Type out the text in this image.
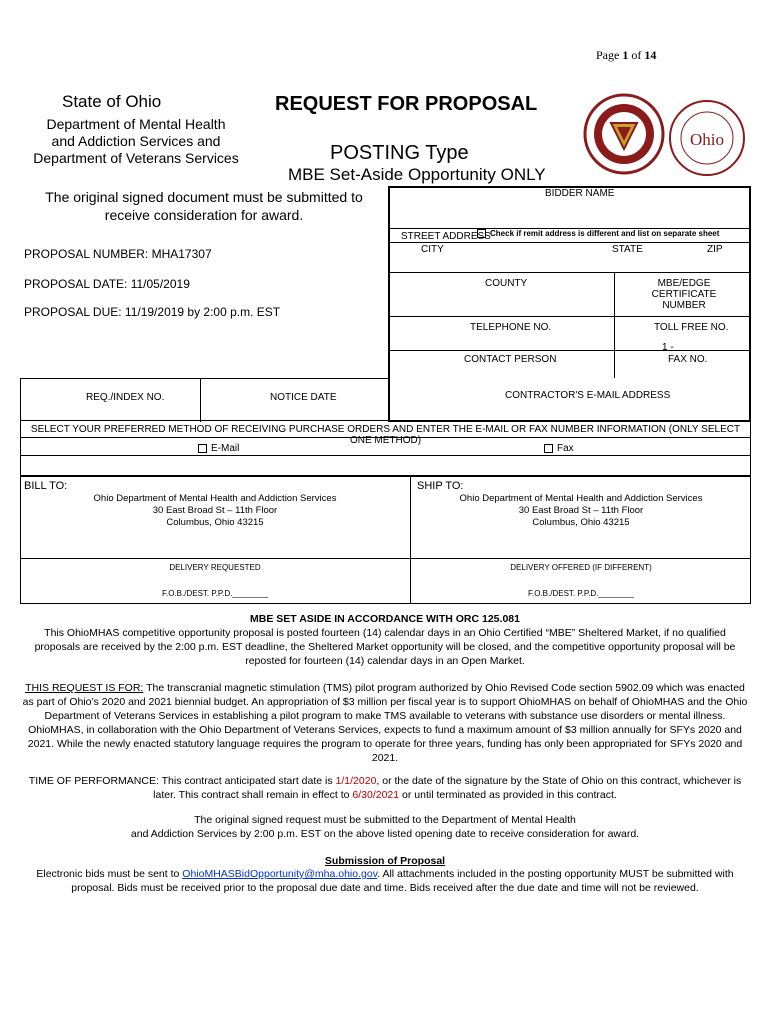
Page 1 of 14
State of Ohio
Department of Mental Health
and Addiction Services and
Department of Veterans Services
REQUEST FOR PROPOSAL
POSTING Type
MBE Set-Aside Opportunity ONLY
Ohio
The original signed document must be submitted to
receive consideration for award.
PROPOSAL NUMBER: MHA17307
PROPOSAL DATE: 11/05/2019
PROPOSAL DUE: 11/19/2019 by 2:00 p.m. EST
BIDDER NAME
STREET ADDRESS Check if remit address is different and list on separate sheet
CITY	STATE	ZIP
COUNTY	MBE/EDGE CERTIFICATE
NUMBER
TELEPHONE NO.	TOLL FREE NO.
1 -
CONTACT PERSON	FAX NO.
CONTRACTOR'S E-MAIL ADDRESS
REQ./INDEX NO.	NOTICE DATE
SELECT YOUR PREFERRED METHOD OF RECEIVING PURCHASE ORDERS AND ENTER THE E-MAIL OR FAX NUMBER INFORMATION (ONLY SELECT ONE METHOD)
E-Mail	Fax
BILL TO:	SHIP TO:
Ohio Department of Mental Health and Addiction Services
30 East Broad St – 11th Floor
Columbus, Ohio 43215
Ohio Department of Mental Health and Addiction Services
30 East Broad St – 11th Floor
Columbus, Ohio 43215
DELIVERY REQUESTED	DELIVERY OFFERED (IF DIFFERENT)
F.O.B./DEST. P.P.D.________	F.O.B./DEST. P.P.D.________
MBE SET ASIDE IN ACCORDANCE WITH ORC 125.081
This OhioMHAS competitive opportunity proposal is posted fourteen (14) calendar days in an Ohio Certified “MBE” Sheltered Market, if no qualified proposals are received by the 2:00 p.m. EST deadline, the Sheltered Market opportunity will be closed, and the competitive opportunity proposal will be reposted for fourteen (14) calendar days in an Open Market.
THIS REQUEST IS FOR: The transcranial magnetic stimulation (TMS) pilot program authorized by Ohio Revised Code section 5902.09 which was enacted as part of Ohio’s 2020 and 2021 biennial budget. An appropriation of $3 million per fiscal year is to support OhioMHAS on behalf of OhioMHAS and the Ohio Department of Veterans Services in establishing a pilot program to make TMS available to veterans with substance use disorders or mental illness. OhioMHAS, in collaboration with the Ohio Department of Veterans Services, expects to fund a maximum amount of $3 million annually for SFYs 2020 and 2021. While the newly enacted statutory language requires the program to operate for three years, funding has only been appropriated for SFYs 2020 and 2021.
TIME OF PERFORMANCE: This contract anticipated start date is 1/1/2020, or the date of the signature by the State of Ohio on this contract, whichever is later. This contract shall remain in effect to 6/30/2021 or until terminated as provided in this contract.
The original signed request must be submitted to the Department of Mental Health
and Addiction Services by 2:00 p.m. EST on the above listed opening date to receive consideration for award.
Submission of Proposal
Electronic bids must be sent to OhioMHASBidOpportunity@mha.ohio.gov. All attachments included in the posting opportunity MUST be submitted with proposal. Bids must be received prior to the proposal due date and time. Bids received after the due date and time will not be reviewed.
